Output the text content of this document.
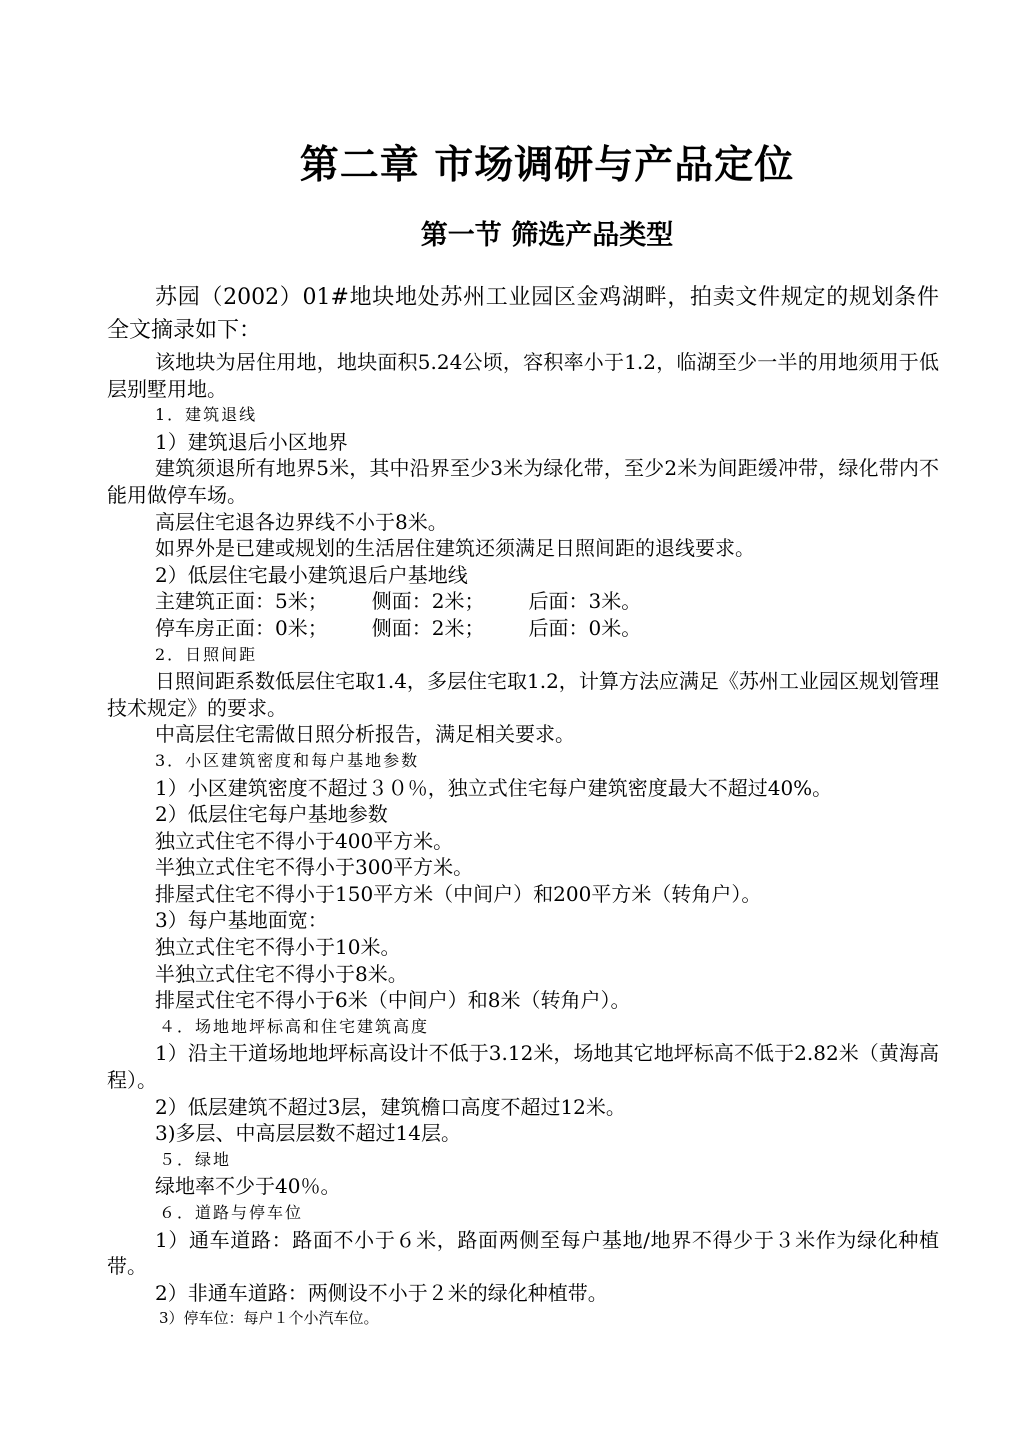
第二章 市场调研与产品定位
第一节 筛选产品类型

苏园（2002）01#地块地处苏州工业园区金鸡湖畔，拍卖文件规定的规划条件全文摘录如下：

该地块为居住用地，地块面积5.24公顷，容积率小于1.2，临湖至少一半的用地须用于低层别墅用地。

1．建筑退线

1）建筑退后小区地界

建筑须退所有地界5米，其中沿界至少3米为绿化带，至少2米为间距缓冲带，绿化带内不能用做停车场。

高层住宅退各边界线不小于8米。

如界外是已建或规划的生活居住建筑还须满足日照间距的退线要求。

2）低层住宅最小建筑退后户基地线

主建筑正面：5米； 侧面：2米； 后面：3米。

停车房正面：0米； 侧面：2米； 后面：0米。

2．日照间距

日照间距系数低层住宅取1.4，多层住宅取1.2，计算方法应满足《苏州工业园区规划管理技术规定》的要求。

中高层住宅需做日照分析报告，满足相关要求。

3．小区建筑密度和每户基地参数

1）小区建筑密度不超过３０％，独立式住宅每户建筑密度最大不超过40%。

2）低层住宅每户基地参数

独立式住宅不得小于400平方米。

半独立式住宅不得小于300平方米。

排屋式住宅不得小于150平方米（中间户）和200平方米（转角户）。

3）每户基地面宽：

独立式住宅不得小于10米。

半独立式住宅不得小于8米。

排屋式住宅不得小于6米（中间户）和8米（转角户）。

４．场地地坪标高和住宅建筑高度

1）沿主干道场地地坪标高设计不低于3.12米，场地其它地坪标高不低于2.82米（黄海高程）。

2）低层建筑不超过3层，建筑檐口高度不超过12米。

3)多层、中高层层数不超过14层。

５．绿地

绿地率不少于40％。

６．道路与停车位

1）通车道路：路面不小于６米，路面两侧至每户基地/地界不得少于３米作为绿化种植带。

2）非通车道路：两侧设不小于２米的绿化种植带。

3）停车位：每户１个小汽车位。
